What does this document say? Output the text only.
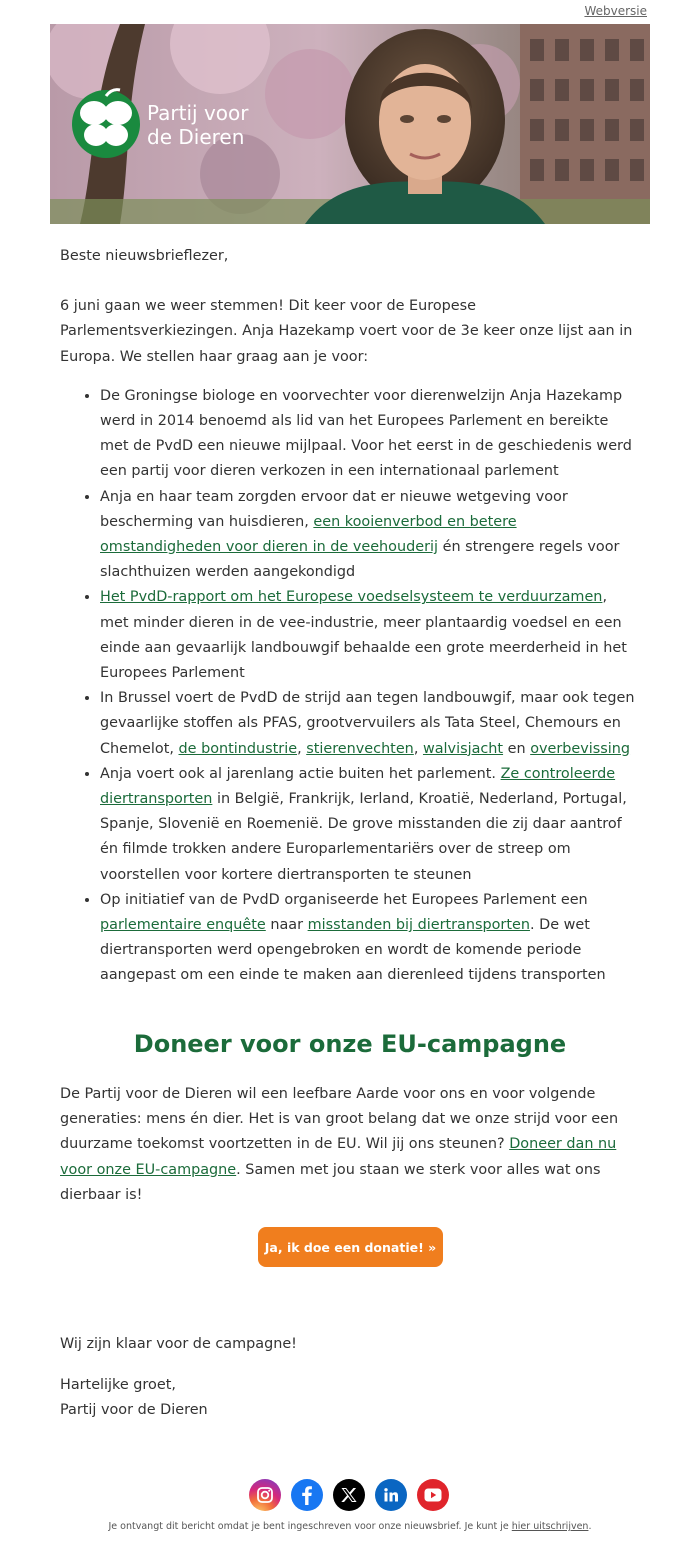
Webversie
Partij voor
de Dieren

Beste nieuwsbrieflezer,

6 juni gaan we weer stemmen! Dit keer voor de Europese Parlementsverkiezingen. Anja Hazekamp voert voor de 3e keer onze lijst aan in Europa. We stellen haar graag aan je voor:

• De Groningse biologe en voorvechter voor dierenwelzijn Anja Hazekamp werd in 2014 benoemd als lid van het Europees Parlement en bereikte met de PvdD een nieuwe mijlpaal. Voor het eerst in de geschiedenis werd een partij voor dieren verkozen in een internationaal parlement
• Anja en haar team zorgden ervoor dat er nieuwe wetgeving voor bescherming van huisdieren, een kooienverbod en betere omstandigheden voor dieren in de veehouderij én strengere regels voor slachthuizen werden aangekondigd
• Het PvdD-rapport om het Europese voedselsysteem te verduurzamen, met minder dieren in de vee-industrie, meer plantaardig voedsel en een einde aan gevaarlijk landbouwgif behaalde een grote meerderheid in het Europees Parlement
• In Brussel voert de PvdD de strijd aan tegen landbouwgif, maar ook tegen gevaarlijke stoffen als PFAS, grootvervuilers als Tata Steel, Chemours en Chemelot, de bontindustrie, stierenvechten, walvisjacht en overbevissing
• Anja voert ook al jarenlang actie buiten het parlement. Ze controleerde diertransporten in België, Frankrijk, Ierland, Kroatië, Nederland, Portugal, Spanje, Slovenië en Roemenië. De grove misstanden die zij daar aantrof én filmde trokken andere Europarlementariërs over de streep om voorstellen voor kortere diertransporten te steunen
• Op initiatief van de PvdD organiseerde het Europees Parlement een parlementaire enquête naar misstanden bij diertransporten. De wet diertransporten werd opengebroken en wordt de komende periode aangepast om een einde te maken aan dierenleed tijdens transporten
Doneer voor onze EU-campagne
De Partij voor de Dieren wil een leefbare Aarde voor ons en voor volgende generaties: mens én dier. Het is van groot belang dat we onze strijd voor een duurzame toekomst voortzetten in de EU. Wil jij ons steunen? Doneer dan nu voor onze EU-campagne. Samen met jou staan we sterk voor alles wat ons dierbaar is!
Ja, ik doe een donatie! »

Wij zijn klaar voor de campagne!

Hartelijke groet,

Partij voor de Dieren

Je ontvangt dit bericht omdat je bent ingeschreven voor onze nieuwsbrief. Je kunt je hier uitschrijven.
